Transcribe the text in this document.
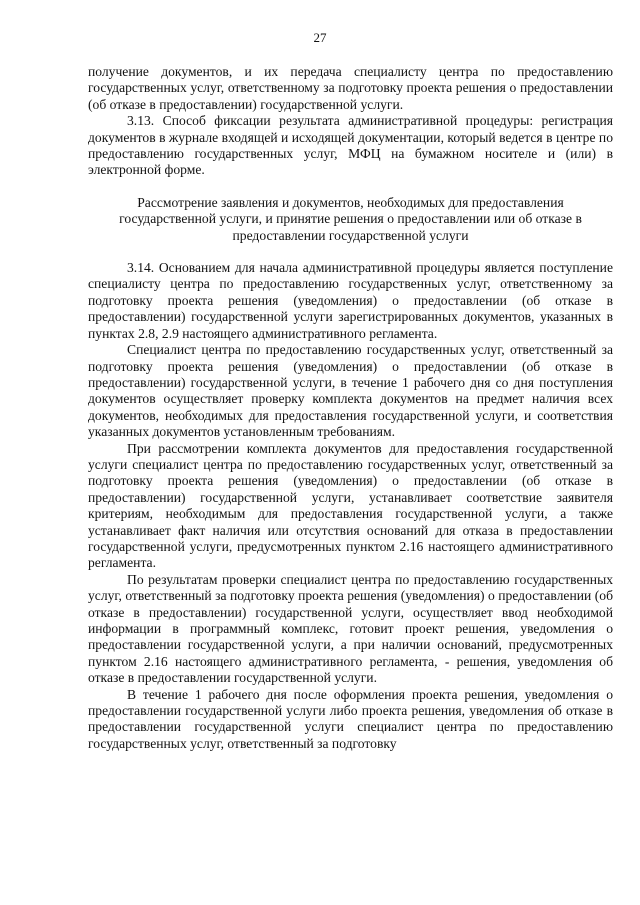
27

получение документов, и их передача специалисту центра по предоставлению государственных услуг, ответственному за подготовку проекта решения о предоставлении (об отказе в предоставлении) государственной услуги.

3.13. Способ фиксации результата административной процедуры: регистрация документов в журнале входящей и исходящей документации, который ведется в центре по предоставлению государственных услуг, МФЦ на бумажном носителе и (или) в электронной форме.

Рассмотрение заявления и документов, необходимых для предоставления государственной услуги, и принятие решения о предоставлении или об отказе в предоставлении государственной услуги

3.14. Основанием для начала административной процедуры является поступление специалисту центра по предоставлению государственных услуг, ответственному за подготовку проекта решения (уведомления) о предоставлении (об отказе в предоставлении) государственной услуги зарегистрированных документов, указанных в пунктах 2.8, 2.9 настоящего административного регламента.

Специалист центра по предоставлению государственных услуг, ответственный за подготовку проекта решения (уведомления) о предоставлении (об отказе в предоставлении) государственной услуги, в течение 1 рабочего дня со дня поступления документов осуществляет проверку комплекта документов на предмет наличия всех документов, необходимых для предоставления государственной услуги, и соответствия указанных документов установленным требованиям.

При рассмотрении комплекта документов для предоставления государственной услуги специалист центра по предоставлению государственных услуг, ответственный за подготовку проекта решения (уведомления) о предоставлении (об отказе в предоставлении) государственной услуги, устанавливает соответствие заявителя критериям, необходимым для предоставления государственной услуги, а также устанавливает факт наличия или отсутствия оснований для отказа в предоставлении государственной услуги, предусмотренных пунктом 2.16 настоящего административного регламента.

По результатам проверки специалист центра по предоставлению государственных услуг, ответственный за подготовку проекта решения (уведомления) о предоставлении (об отказе в предоставлении) государственной услуги, осуществляет ввод необходимой информации в программный комплекс, готовит проект решения, уведомления о предоставлении государственной услуги, а при наличии оснований, предусмотренных пунктом 2.16 настоящего административного регламента, - решения, уведомления об отказе в предоставлении государственной услуги.

В течение 1 рабочего дня после оформления проекта решения, уведомления о предоставлении государственной услуги либо проекта решения, уведомления об отказе в предоставлении государственной услуги специалист центра по предоставлению государственных услуг, ответственный за подготовку
